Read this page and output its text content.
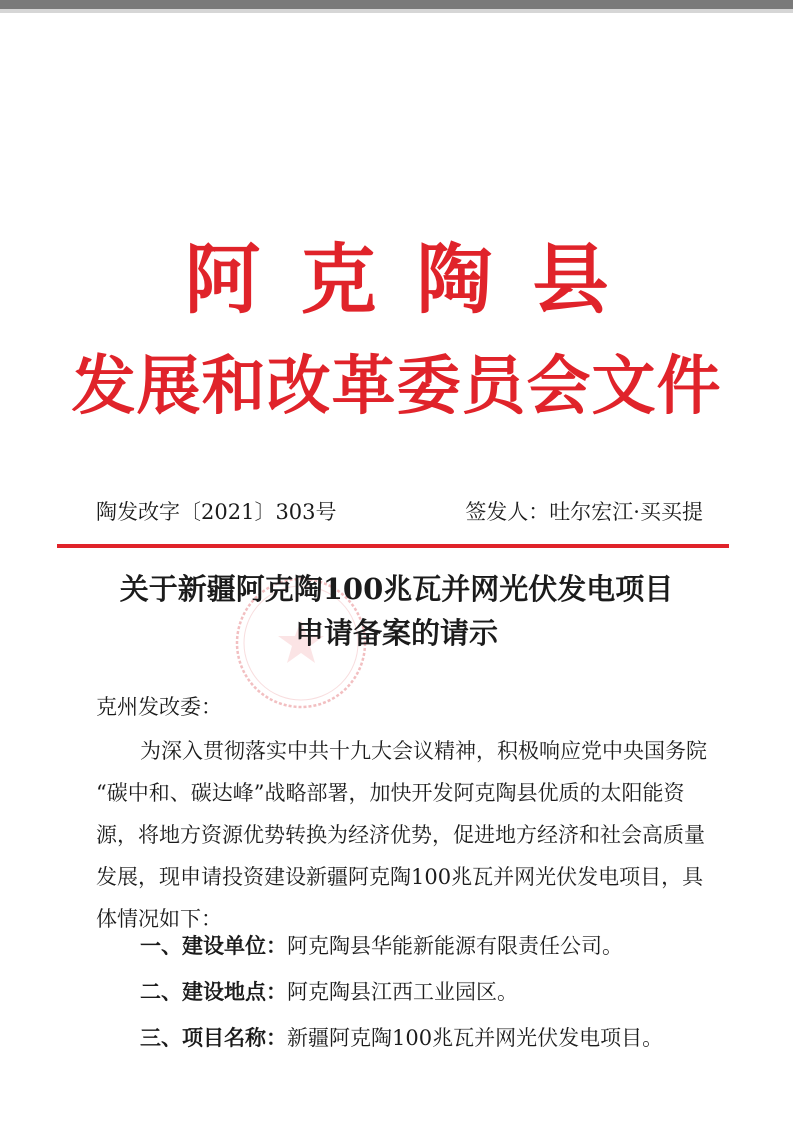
阿克陶县
发展和改革委员会文件
陶发改字〔2021〕303号	签发人：吐尔宏江·买买提
关于新疆阿克陶100兆瓦并网光伏发电项目
申请备案的请示
克州发改委：
为深入贯彻落实中共十九大会议精神，积极响应党中央国务院
“碳中和、碳达峰”战略部署，加快开发阿克陶县优质的太阳能资
源，将地方资源优势转换为经济优势，促进地方经济和社会高质量
发展，现申请投资建设新疆阿克陶100兆瓦并网光伏发电项目，具
体情况如下：
一、建设单位：阿克陶县华能新能源有限责任公司。
二、建设地点：阿克陶县江西工业园区。
三、项目名称：新疆阿克陶100兆瓦并网光伏发电项目。
